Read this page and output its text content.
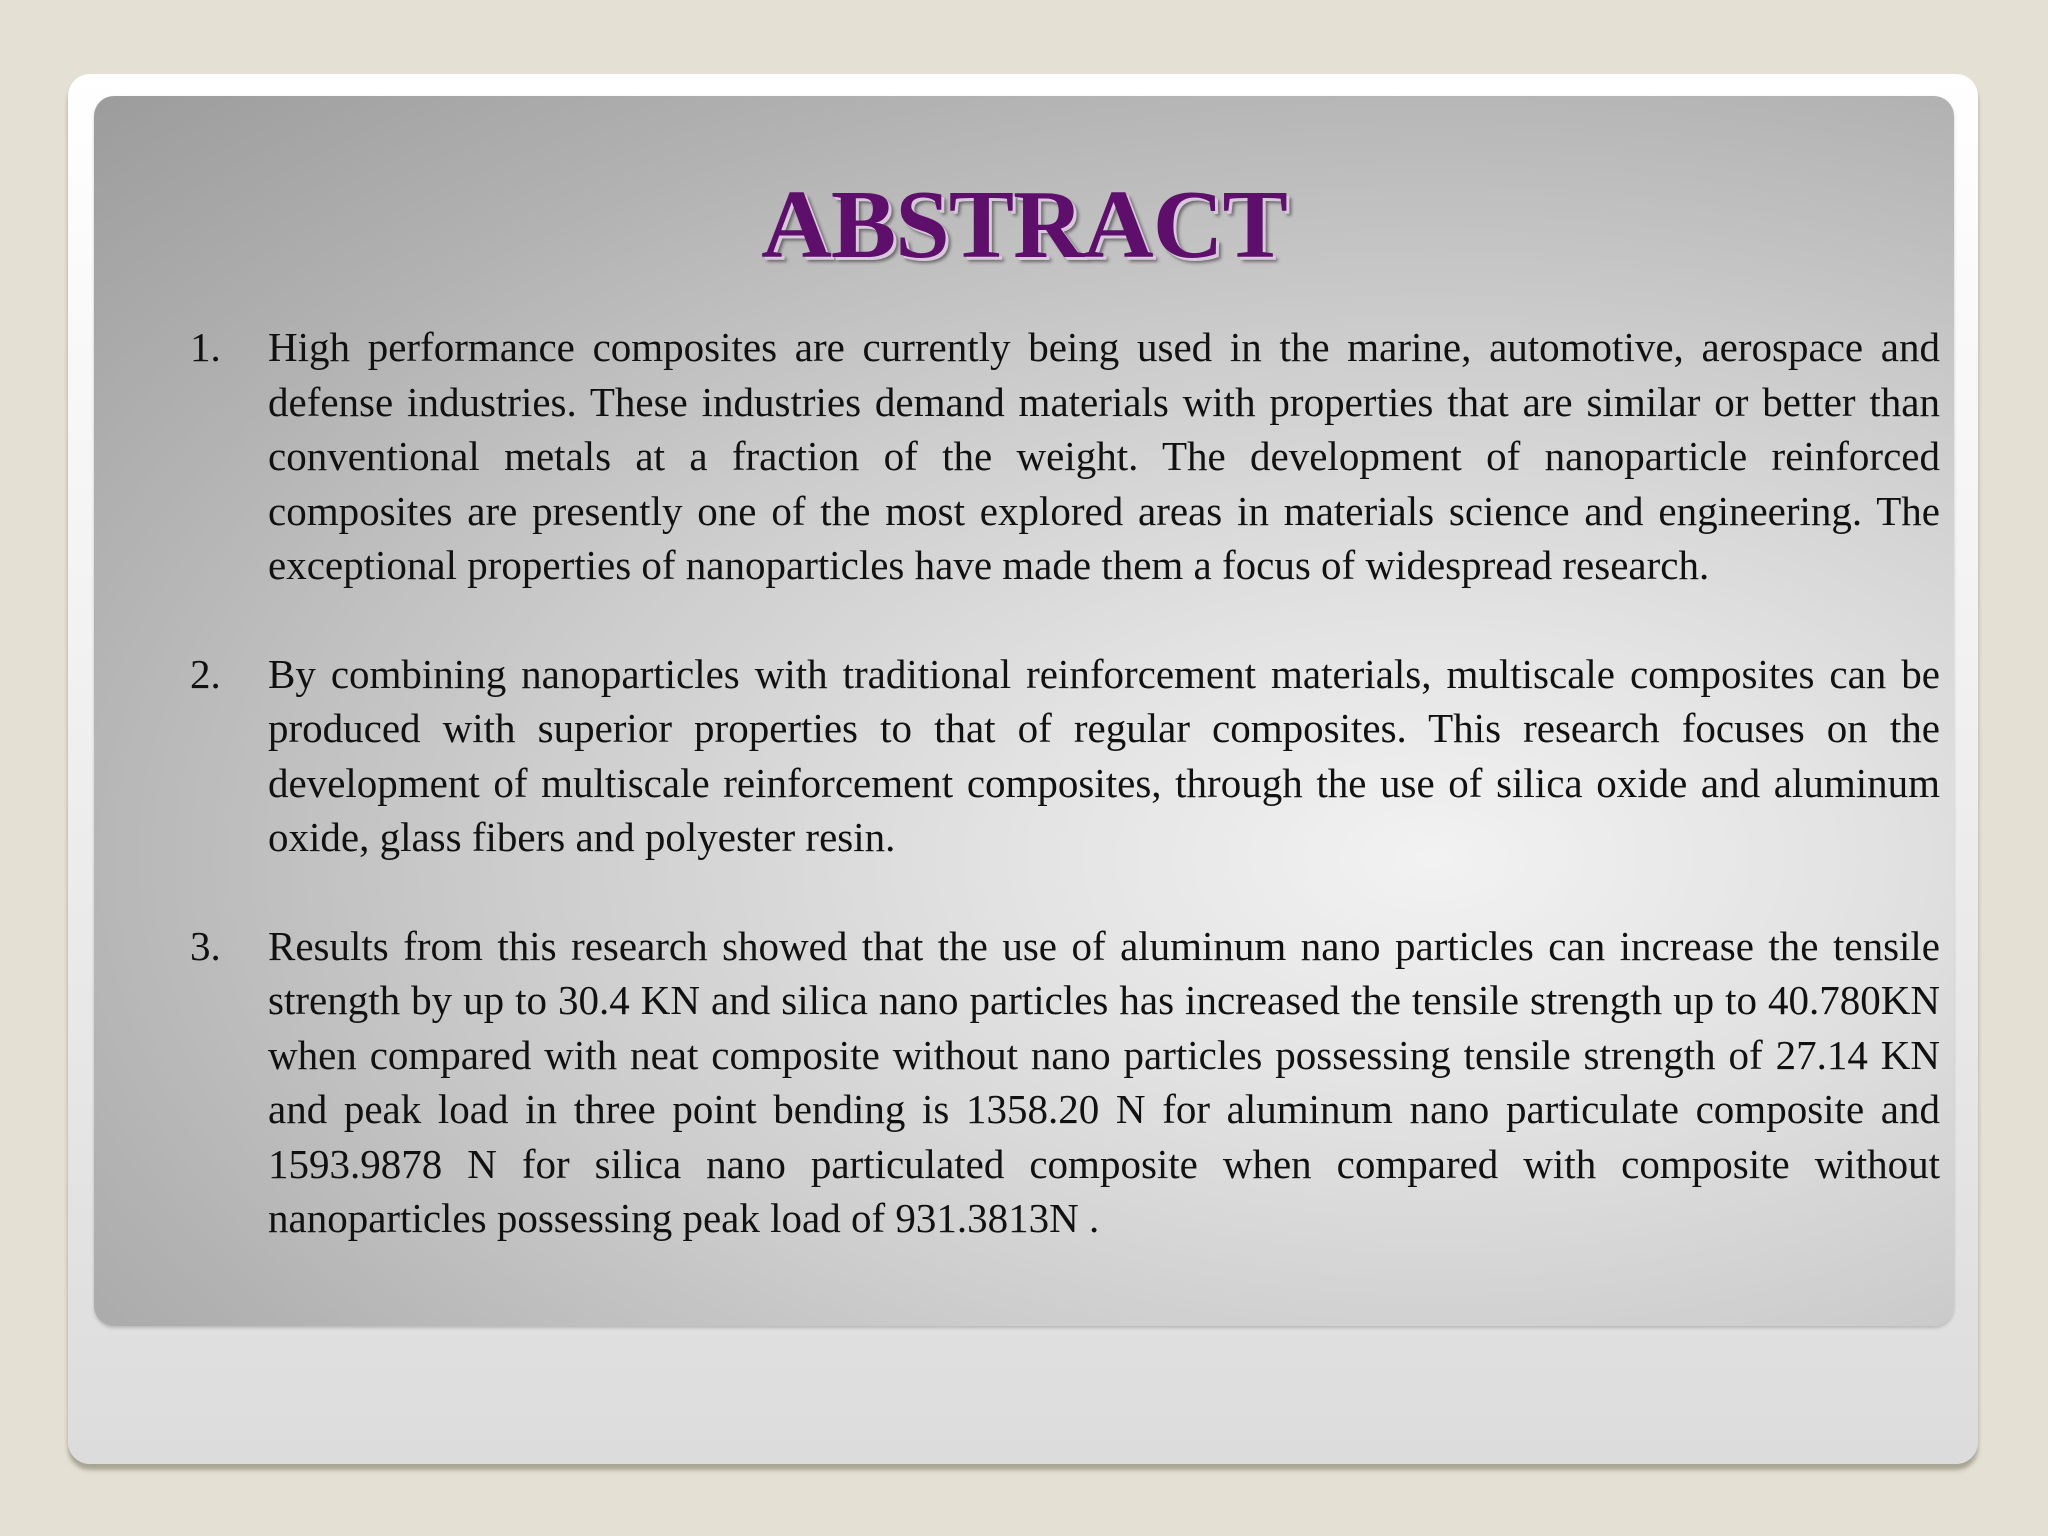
ABSTRACT
1. High performance composites are currently being used in the marine, automotive, aerospace and defense industries. These industries demand materials with properties that are similar or better than conventional metals at a fraction of the weight. The development of nanoparticle reinforced composites are presently one of the most explored areas in materials science and engineering. The exceptional properties of nanoparticles have made them a focus of widespread research.
2. By combining nanoparticles with traditional reinforcement materials, multiscale composites can be produced with superior properties to that of regular composites. This research focuses on the development of multiscale reinforcement composites, through the use of silica oxide and aluminum oxide, glass fibers and polyester resin.
3. Results from this research showed that the use of aluminum nano particles can increase the tensile strength by up to 30.4 KN and silica nano particles has increased the tensile strength up to 40.780KN when compared with neat composite without nano particles possessing tensile strength of 27.14 KN and peak load in three point bending is 1358.20 N for aluminum nano particulate composite and 1593.9878 N for silica nano particulated composite when compared with composite without nanoparticles possessing peak load of 931.3813N .
